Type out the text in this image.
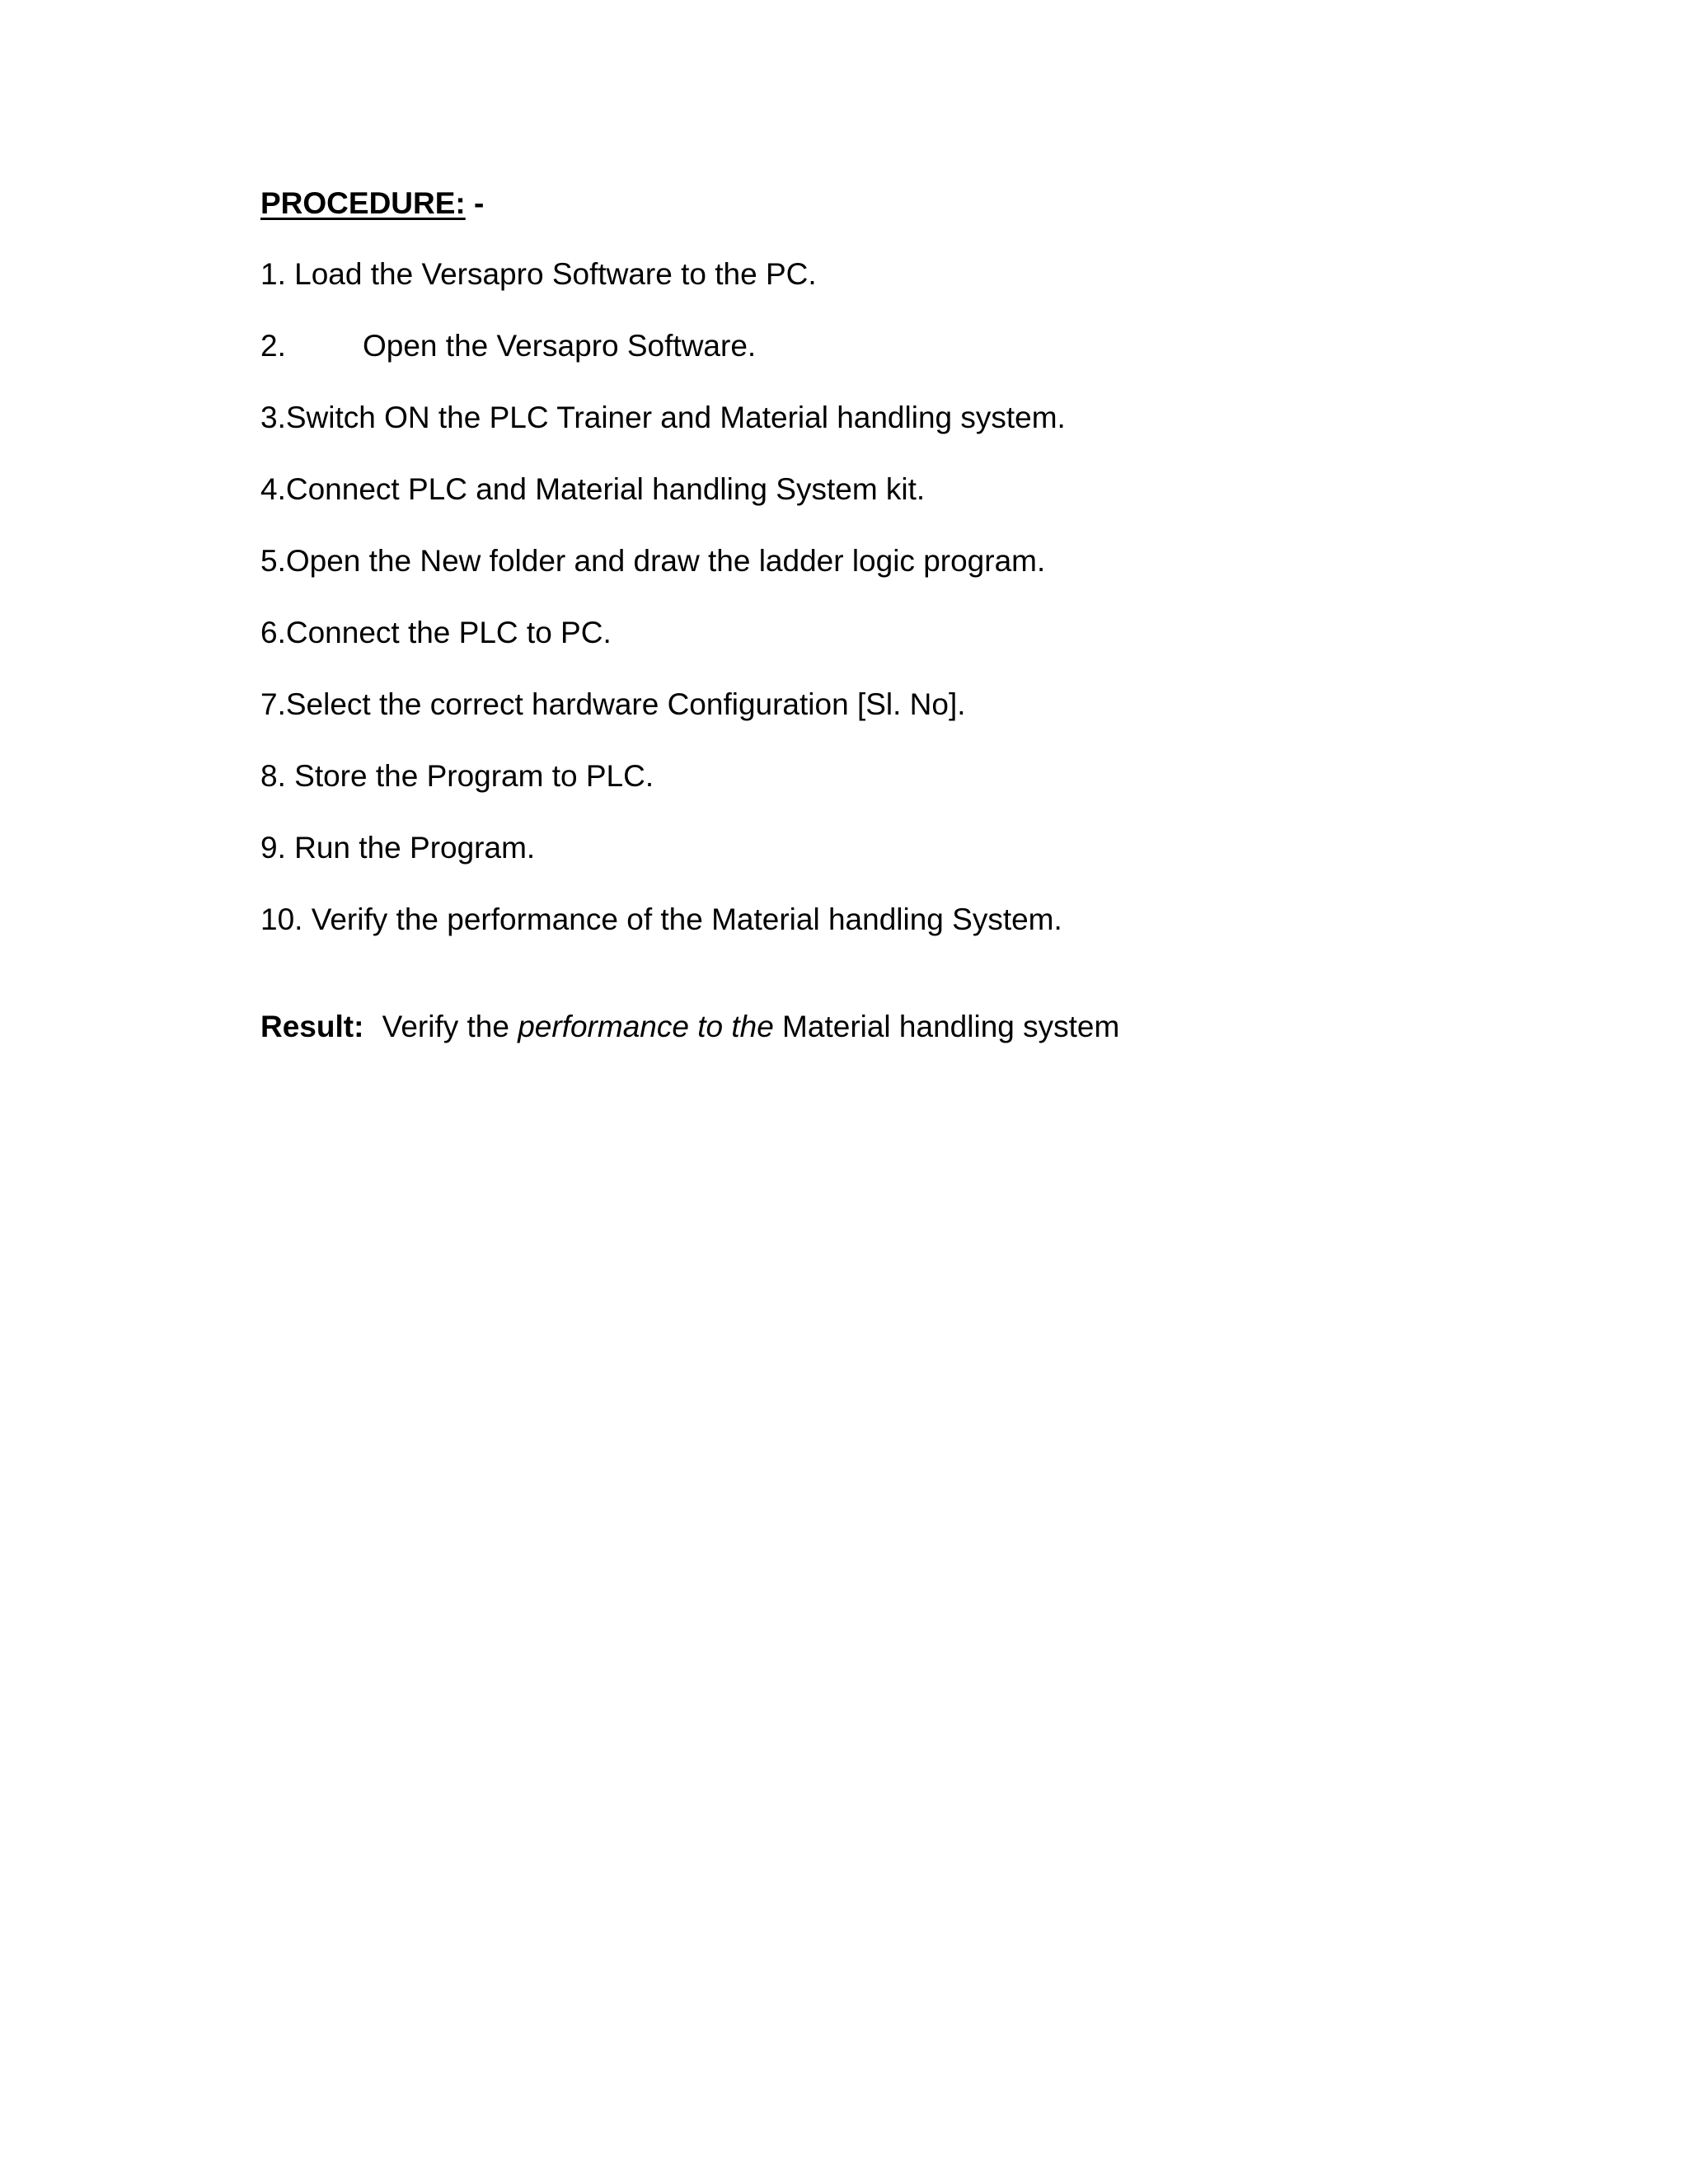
PROCEDURE: -
1. Load the Versapro Software to the PC.
2.	Open the Versapro Software.
3.Switch ON the PLC Trainer and Material handling system.
4.Connect PLC and Material handling System kit.
5.Open the New folder and draw the ladder logic program.
6.Connect the PLC to PC.
7.Select the correct hardware Configuration [Sl. No].
8. Store the Program to PLC.
9. Run the Program.
10. Verify the performance of the Material handling System.
Result: Verify the performance to the Material handling system
